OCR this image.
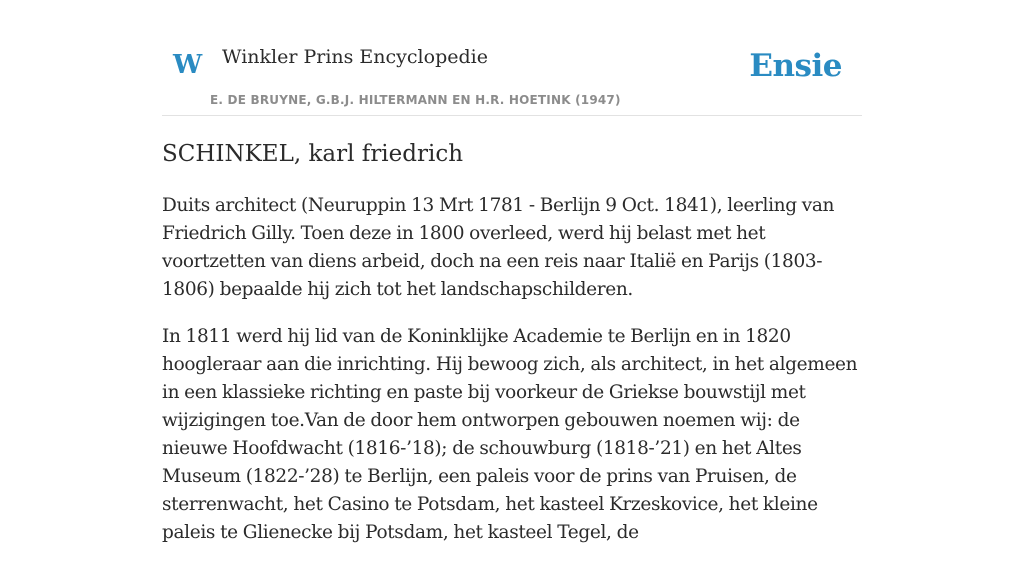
W Winkler Prins Encyclopedie
E. DE BRUYNE, G.B.J. HILTERMANN EN H.R. HOETINK (1947)
Ensie
SCHINKEL, karl friedrich

Duits architect (Neuruppin 13 Mrt 1781 - Berlijn 9 Oct. 1841), leerling van Friedrich Gilly. Toen deze in 1800 overleed, werd hij belast met het voortzetten van diens arbeid, doch na een reis naar Italië en Parijs (1803-1806) bepaalde hij zich tot het landschapschilderen.

In 1811 werd hij lid van de Koninklijke Academie te Berlijn en in 1820 hoogleraar aan die inrichting. Hij bewoog zich, als architect, in het algemeen in een klassieke richting en paste bij voorkeur de Griekse bouwstijl met wijzigingen toe.Van de door hem ontworpen gebouwen noemen wij: de nieuwe Hoofdwacht (1816-’18); de schouwburg (1818-’21) en het Altes Museum (1822-’28) te Berlijn, een paleis voor de prins van Pruisen, de sterrenwacht, het Casino te Potsdam, het kasteel Krzeskovice, het kleine paleis te Glienecke bij Potsdam, het kasteel Tegel, de
